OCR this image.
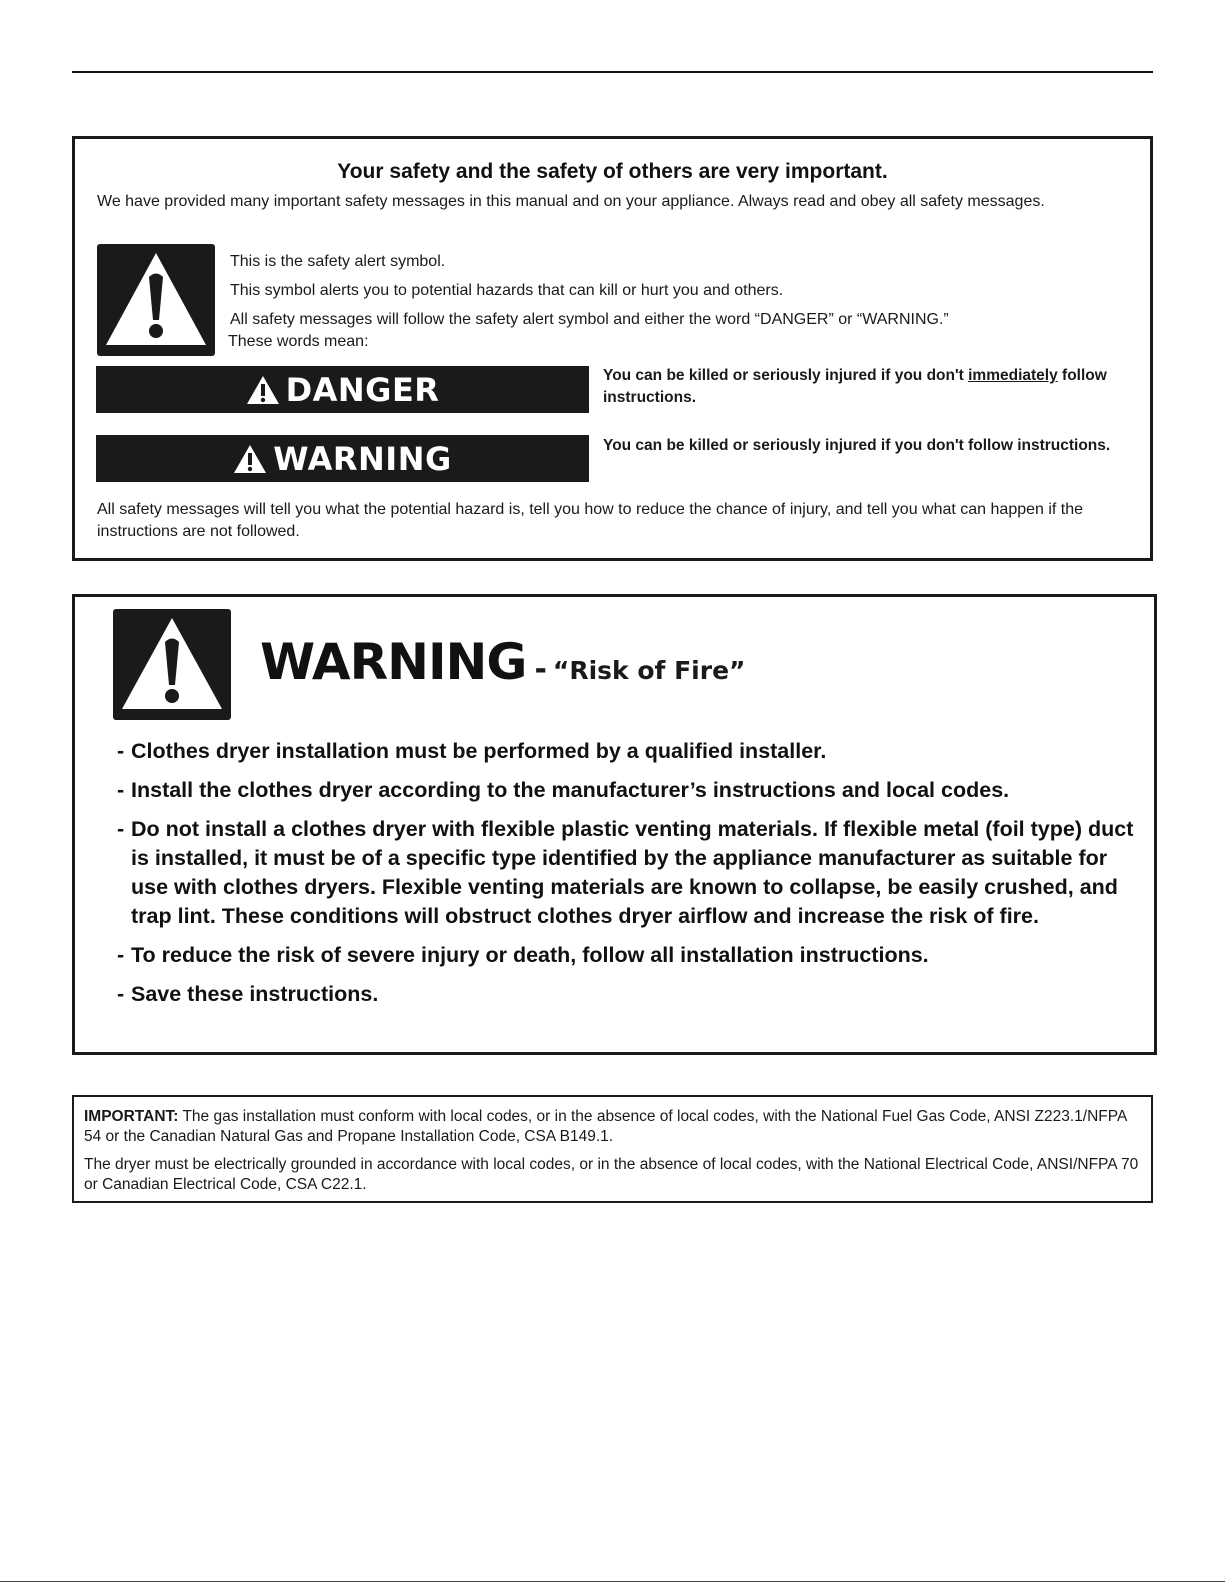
Your safety and the safety of others are very important.
We have provided many important safety messages in this manual and on your appliance. Always read and obey all safety messages.
This is the safety alert symbol.
This symbol alerts you to potential hazards that can kill or hurt you and others.
All safety messages will follow the safety alert symbol and either the word “DANGER” or “WARNING.”
These words mean:
DANGER	You can be killed or seriously injured if you don't immediately follow instructions.
WARNING	You can be killed or seriously injured if you don't follow instructions.
All safety messages will tell you what the potential hazard is, tell you how to reduce the chance of injury, and tell you what can happen if the instructions are not followed.
WARNING - “Risk of Fire”
- Clothes dryer installation must be performed by a qualified installer.
- Install the clothes dryer according to the manufacturer’s instructions and local codes.
- Do not install a clothes dryer with flexible plastic venting materials. If flexible metal (foil type) duct is installed, it must be of a specific type identified by the appliance manufacturer as suitable for use with clothes dryers. Flexible venting materials are known to collapse, be easily crushed, and trap lint. These conditions will obstruct clothes dryer airflow and increase the risk of fire.
- To reduce the risk of severe injury or death, follow all installation instructions.
- Save these instructions.
IMPORTANT: The gas installation must conform with local codes, or in the absence of local codes, with the National Fuel Gas Code, ANSI Z223.1/NFPA 54 or the Canadian Natural Gas and Propane Installation Code, CSA B149.1.
The dryer must be electrically grounded in accordance with local codes, or in the absence of local codes, with the National Electrical Code, ANSI/NFPA 70 or Canadian Electrical Code, CSA C22.1.
